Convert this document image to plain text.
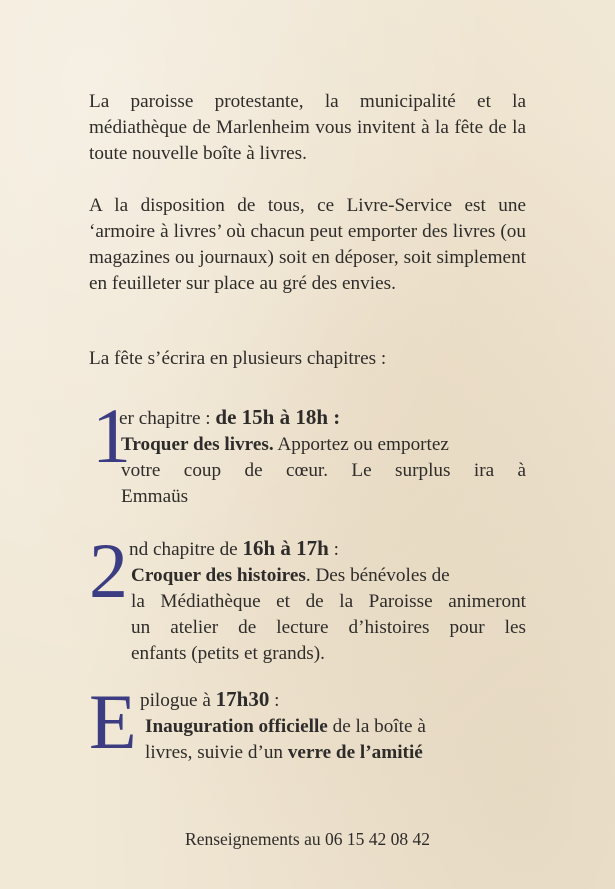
La paroisse protestante, la municipalité et la médiathèque de Marlenheim vous invitent à la fête de la toute nouvelle boîte à livres.

A la disposition de tous, ce Livre-Service est une ‘armoire à livres’ où chacun peut emporter des livres (ou magazines ou journaux) soit en déposer, soit simplement en feuilleter sur place au gré des envies.

La fête s’écrira en plusieurs chapitres :

1
er chapitre : de 15h à 18h :
Troquer des livres. Apportez ou emportez
votre coup de cœur. Le surplus ira à
Emmaüs
2 nd chapitre de 16h à 17h :
Croquer des histoires. Des bénévoles de
la Médiathèque et de la Paroisse animeront
un atelier de lecture d’histoires pour les
enfants (petits et grands).
E pilogue à 17h30 :
Inauguration officielle de la boîte à
livres, suivie d’un verre de l’amitié
Renseignements au 06 15 42 08 42
